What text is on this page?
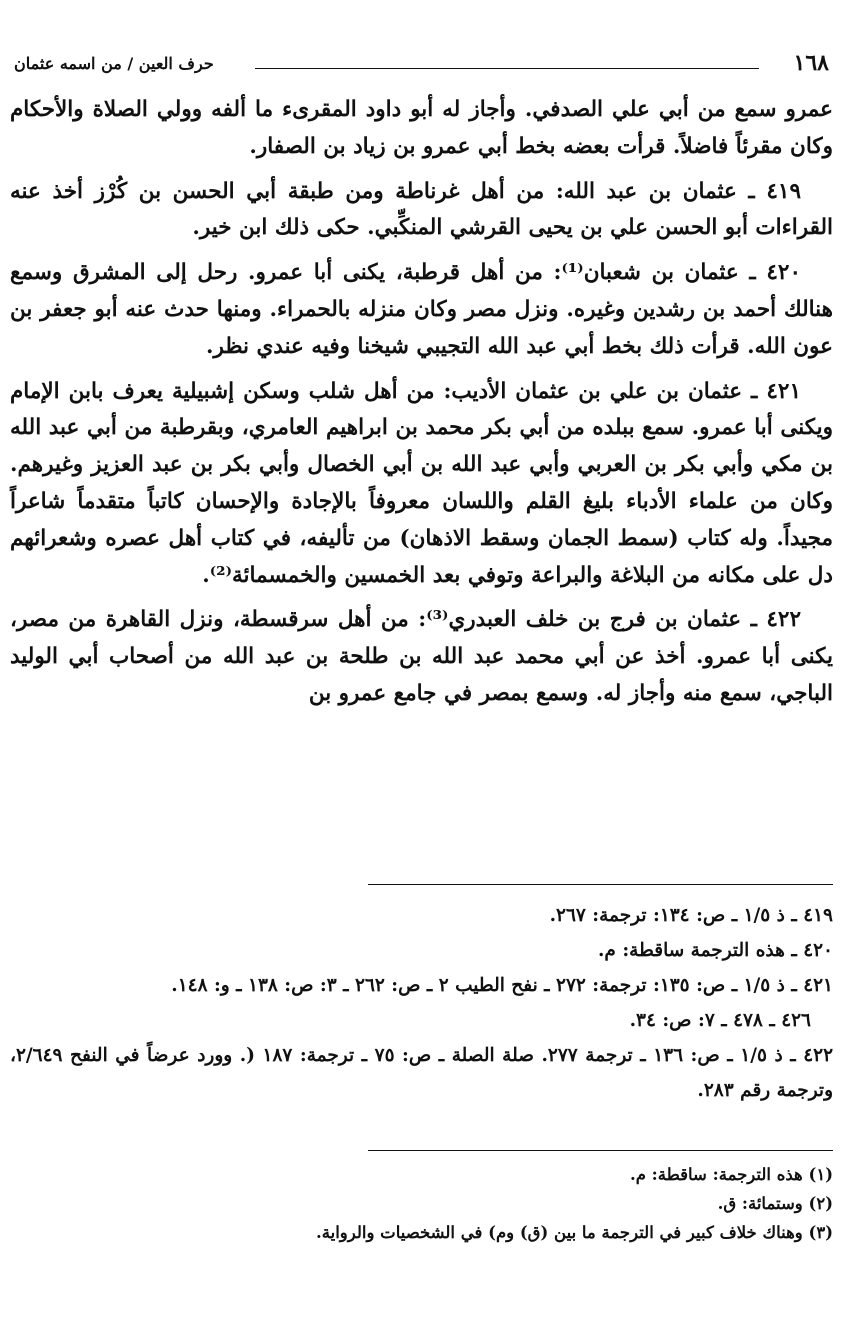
١٦٨
حرف العين / من اسمه عثمان

عمرو سمع من أبي علي الصدفي. وأجاز له أبو داود المقرىء ما ألفه وولي الصلاة والأحكام وكان مقرئاً فاضلاً. قرأت بعضه بخط أبي عمرو بن زياد بن الصفار.

٤١٩ ـ عثمان بن عبد الله: من أهل غرناطة ومن طبقة أبي الحسن بن كُرْز أخذ عنه القراءات أبو الحسن علي بن يحيى القرشي المنكِّبي. حكى ذلك ابن خير.

٤٢٠ ـ عثمان بن شعبان⁽¹⁾: من أهل قرطبة، يكنى أبا عمرو. رحل إلى المشرق وسمع هنالك أحمد بن رشدين وغيره. ونزل مصر وكان منزله بالحمراء. ومنها حدث عنه أبو جعفر بن عون الله. قرأت ذلك بخط أبي عبد الله التجيبي شيخنا وفيه عندي نظر.

٤٢١ ـ عثمان بن علي بن عثمان الأديب: من أهل شلب وسكن إشبيلية يعرف بابن الإمام ويكنى أبا عمرو. سمع ببلده من أبي بكر محمد بن ابراهيم العامري، وبقرطبة من أبي عبد الله بن مكي وأبي بكر بن العربي وأبي عبد الله بن أبي الخصال وأبي بكر بن عبد العزيز وغيرهم. وكان من علماء الأدباء بليغ القلم واللسان معروفاً بالإجادة والإحسان كاتباً متقدماً شاعراً مجيداً. وله كتاب (سمط الجمان وسقط الاذهان) من تأليفه، في كتاب أهل عصره وشعرائهم دل على مكانه من البلاغة والبراعة وتوفي بعد الخمسين والخمسمائة⁽²⁾.

٤٢٢ ـ عثمان بن فرج بن خلف العبدري⁽³⁾: من أهل سرقسطة، ونزل القاهرة من مصر، يكنى أبا عمرو. أخذ عن أبي محمد عبد الله بن طلحة بن عبد الله من أصحاب أبي الوليد الباجي، سمع منه وأجاز له. وسمع بمصر في جامع عمرو بن

٤١٩ ـ ذ ١/٥ ـ ص: ١٣٤: ترجمة: ٢٦٧.

٤٢٠ ـ هذه الترجمة ساقطة: م.

٤٢١ ـ ذ ١/٥ ـ ص: ١٣٥: ترجمة: ٢٧٢ ـ نفح الطيب ٢ ـ ص: ٢٦٢ ـ ٣: ص: ١٣٨ ـ و: ١٤٨.

٤٢٦ ـ ٤٧٨ ـ ٧: ص: ٣٤.

٤٢٢ ـ ذ ١/٥ ـ ص: ١٣٦ ـ ترجمة ٢٧٧. صلة الصلة ـ ص: ٧٥ ـ ترجمة: ١٨٧ (. وورد عرضاً في النفح ٢/٦٤٩، وترجمة رقم ٢٨٣.

(١) هذه الترجمة: ساقطة: م.

(٢) وستمائة: ق.

(٣) وهناك خلاف كبير في الترجمة ما بين (ق) وم) في الشخصيات والرواية.
